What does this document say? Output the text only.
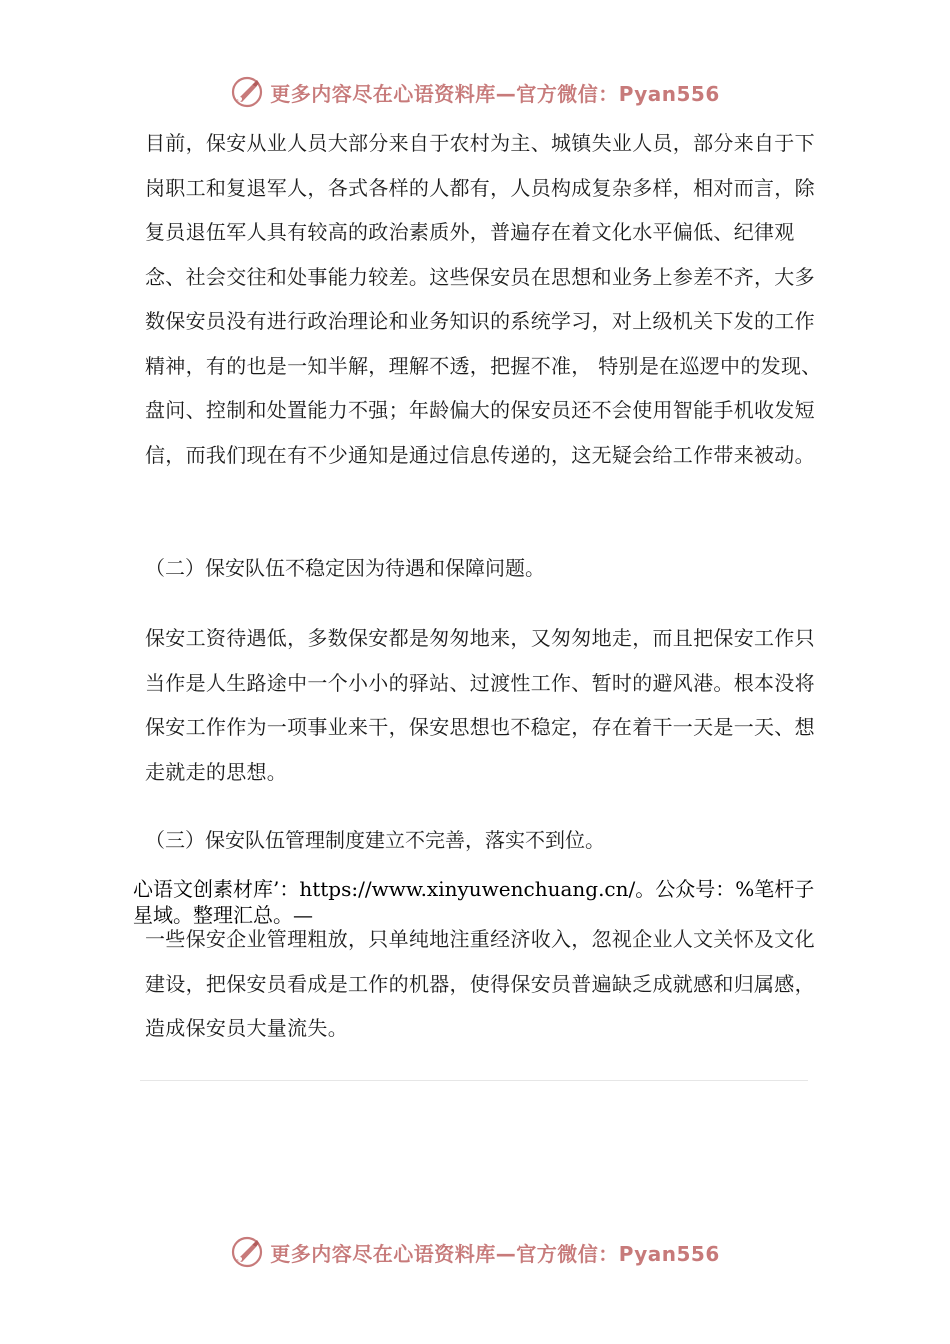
更多内容尽在心语资料库—官方微信：Pyan556

目前，保安从业人员大部分来自于农村为主、城镇失业人员，部分来自于下岗职工和复退军人，各式各样的人都有，人员构成复杂多样，相对而言，除复员退伍军人具有较高的政治素质外，普遍存在着文化水平偏低、纪律观念、社会交往和处事能力较差。这些保安员在思想和业务上参差不齐，大多数保安员没有进行政治理论和业务知识的系统学习，对上级机关下发的工作精神，有的也是一知半解，理解不透，把握不准， 特别是在巡逻中的发现、盘问、控制和处置能力不强；年龄偏大的保安员还不会使用智能手机收发短信，而我们现在有不少通知是通过信息传递的，这无疑会给工作带来被动。

（二）保安队伍不稳定因为待遇和保障问题。

保安工资待遇低，多数保安都是匆匆地来，又匆匆地走，而且把保安工作只当作是人生路途中一个小小的驿站、过渡性工作、暂时的避风港。根本没将保安工作作为一项事业来干，保安思想也不稳定，存在着干一天是一天、想走就走的思想。

（三）保安队伍管理制度建立不完善，落实不到位。

心语文创素材库’：https://www.xinyuwenchuang.cn/。公众号：%笔杆子星域。整理汇总。—

一些保安企业管理粗放，只单纯地注重经济收入，忽视企业人文关怀及文化建设，把保安员看成是工作的机器，使得保安员普遍缺乏成就感和归属感，造成保安员大量流失。

更多内容尽在心语资料库—官方微信：Pyan556
